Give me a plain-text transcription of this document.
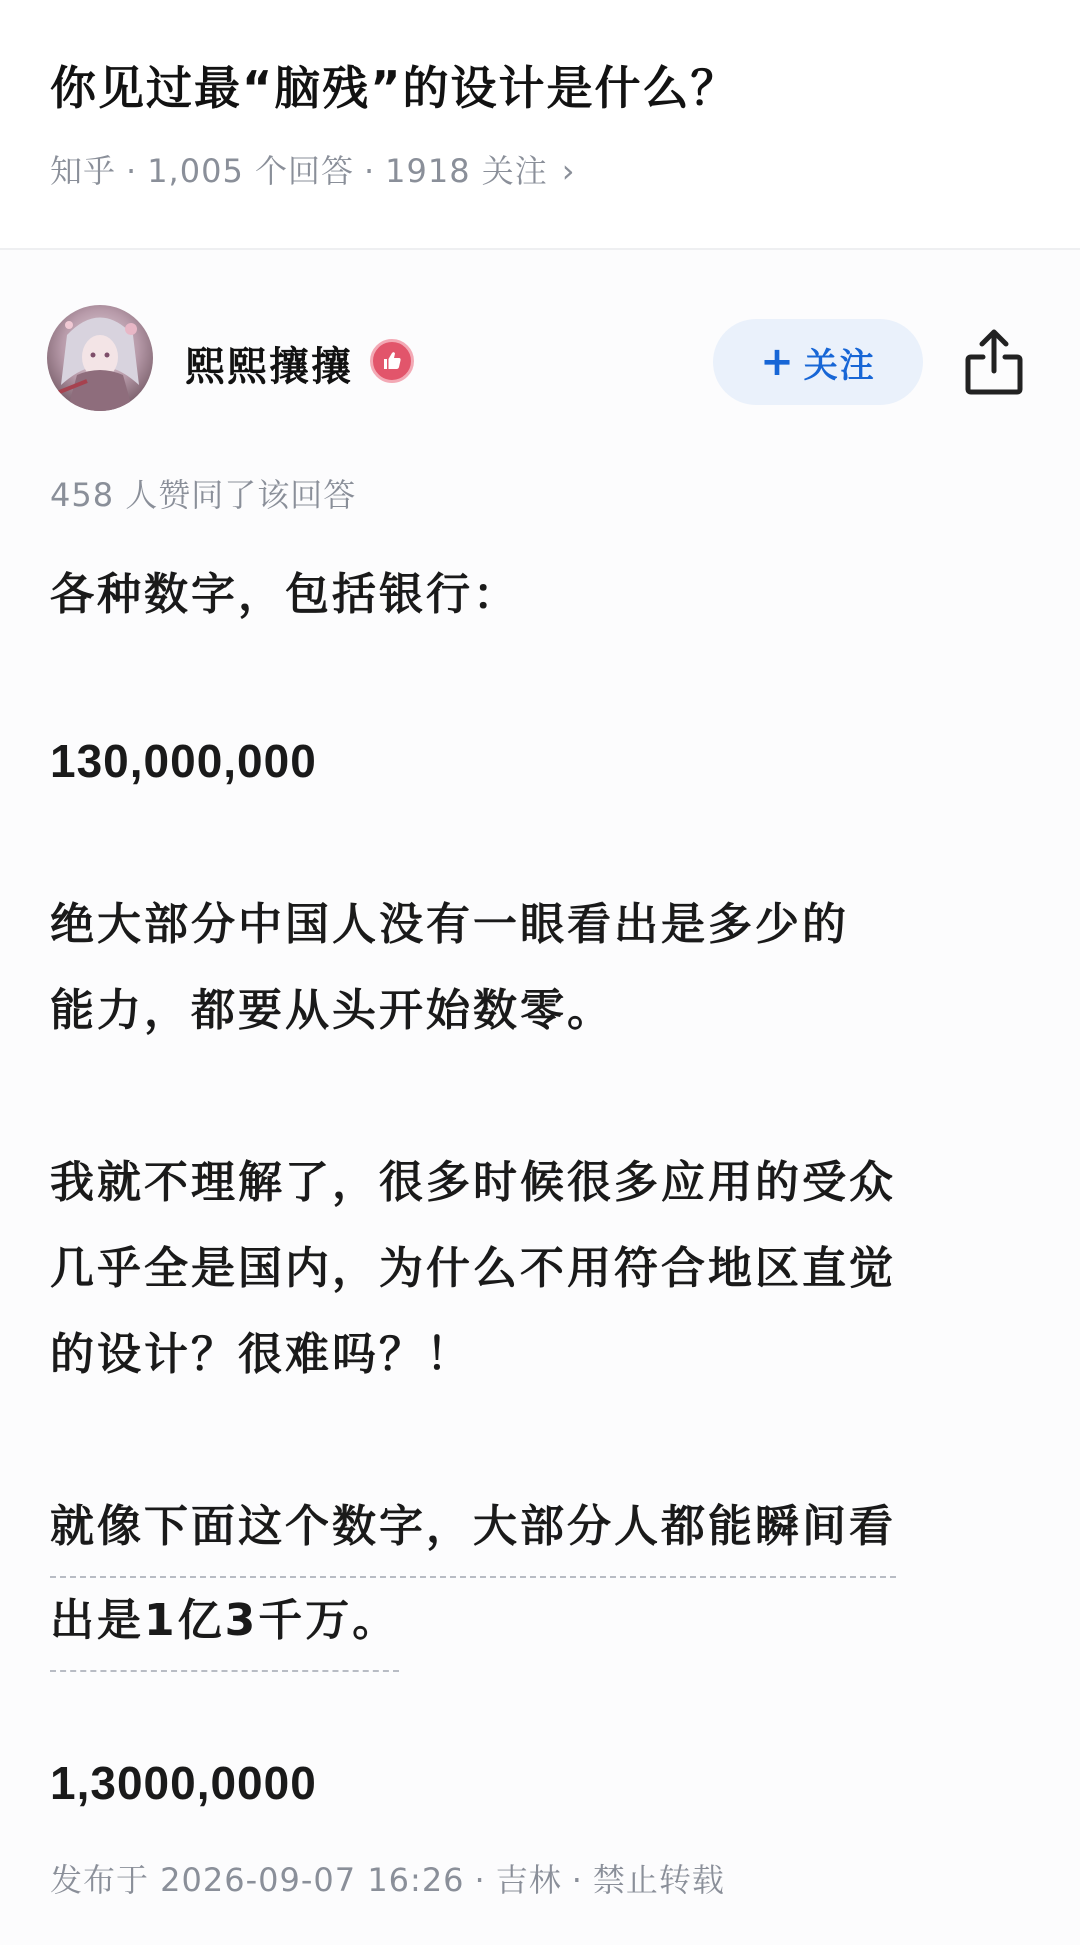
你见过最“脑残”的设计是什么？
知乎 · 1,005 个回答 · 1918 关注 ›
熙熙攘攘	+ 关注
458 人赞同了该回答
各种数字，包括银行：
130,000,000
绝大部分中国人没有一眼看出是多少的
能力，都要从头开始数零。
我就不理解了，很多时候很多应用的受众
几乎全是国内，为什么不用符合地区直觉
的设计？很难吗？！
就像下面这个数字，大部分人都能瞬间看
出是1亿3千万。
1,3000,0000
发布于 2026-09-07 16:26 · 吉林 · 禁止转载
